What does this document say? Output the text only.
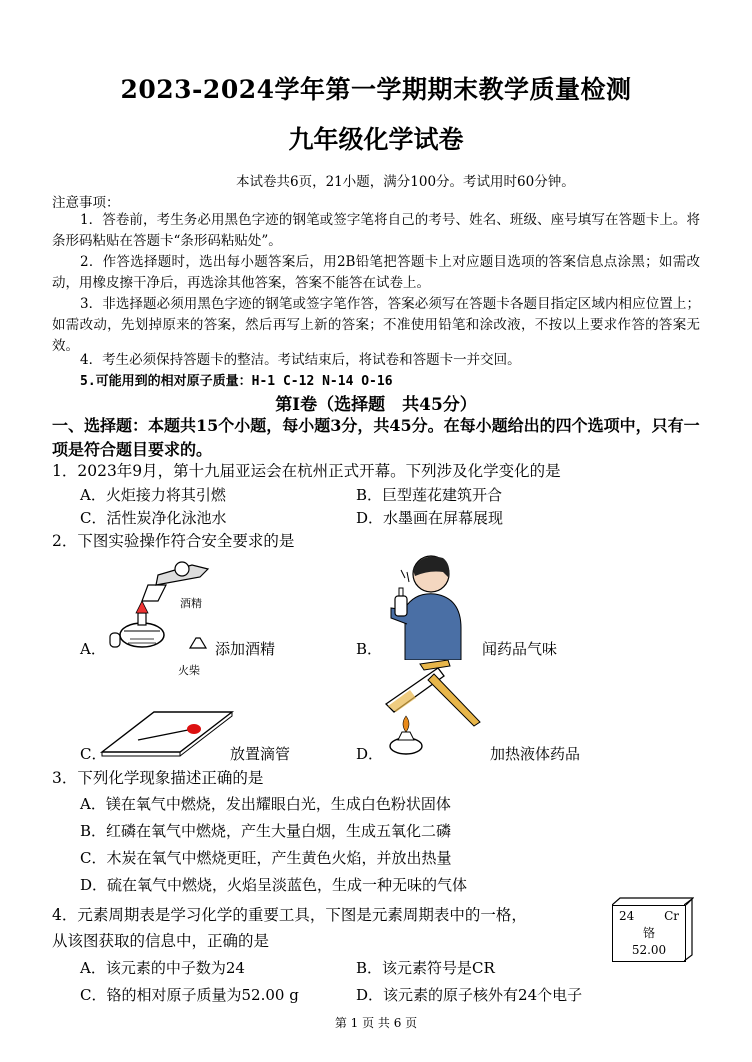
2023-2024学年第一学期期末教学质量检测
九年级化学试卷
本试卷共6页，21小题，满分100分。考试用时60分钟。
注意事项：
1．答卷前，考生务必用黑色字迹的钢笔或签字笔将自己的考号、姓名、班级、座号填写在答题卡上。将条形码粘贴在答题卡“条形码粘贴处”。
2．作答选择题时，选出每小题答案后，用2B铅笔把答题卡上对应题目选项的答案信息点涂黑；如需改动，用橡皮擦干净后，再选涂其他答案，答案不能答在试卷上。
3．非选择题必须用黑色字迹的钢笔或签字笔作答，答案必须写在答题卡各题目指定区域内相应位置上；如需改动，先划掉原来的答案，然后再写上新的答案；不准使用铅笔和涂改液，不按以上要求作答的答案无效。
4．考生必须保持答题卡的整洁。考试结束后，将试卷和答题卡一并交回。
5.可能用到的相对原子质量：H-1 C-12 N-14 O-16
第Ⅰ卷（选择题　共45分）
一、选择题：本题共15个小题，每小题3分，共45分。在每小题给出的四个选项中，只有一项是符合题目要求的。
1．2023年9月，第十九届亚运会在杭州正式开幕。下列涉及化学变化的是
A．火炬接力将其引燃	B．巨型莲花建筑开合
C．活性炭净化泳池水	D．水墨画在屏幕展现
2．下图实验操作符合安全要求的是
酒精
A．	添加酒精	B．	闻药品气味
火柴
C．	放置滴管	D．	加热液体药品
3．下列化学现象描述正确的是
A．镁在氧气中燃烧，发出耀眼白光，生成白色粉状固体
B．红磷在氧气中燃烧，产生大量白烟，生成五氧化二磷
C．木炭在氧气中燃烧更旺，产生黄色火焰，并放出热量
D．硫在氧气中燃烧，火焰呈淡蓝色，生成一种无味的气体
4．元素周期表是学习化学的重要工具，下图是元素周期表中的一格，
从该图获取的信息中，正确的是
A．该元素的中子数为24	B．该元素符号是CR
C．铬的相对原子质量为52.00 g	D．该元素的原子核外有24个电子
24 Cr
铬
52.00
第 1 页 共 6 页
